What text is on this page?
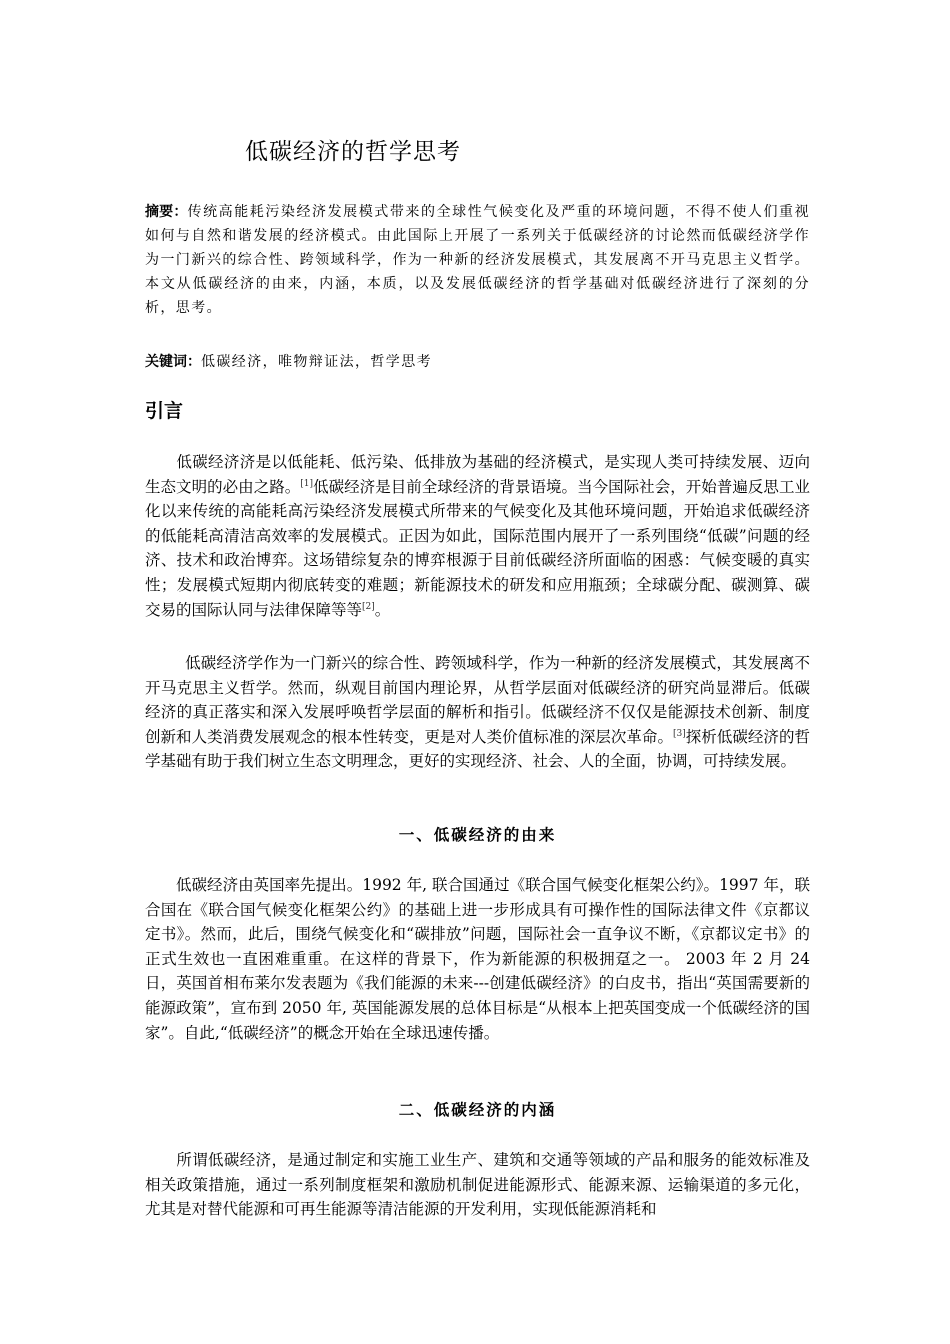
低碳经济的哲学思考
摘要：传统高能耗污染经济发展模式带来的全球性气候变化及严重的环境问题，不得不使人们重视如何与自然和谐发展的经济模式。由此国际上开展了一系列关于低碳经济的讨论然而低碳经济学作为一门新兴的综合性、跨领域科学，作为一种新的经济发展模式，其发展离不开马克思主义哲学。本文从低碳经济的由来，内涵，本质，以及发展低碳经济的哲学基础对低碳经济进行了深刻的分析，思考。
关键词：低碳经济，唯物辩证法，哲学思考
引言

低碳经济济是以低能耗、低污染、低排放为基础的经济模式，是实现人类可持续发展、迈向生态文明的必由之路。[1]低碳经济是目前全球经济的背景语境。当今国际社会，开始普遍反思工业化以来传统的高能耗高污染经济发展模式所带来的气候变化及其他环境问题，开始追求低碳经济的低能耗高清洁高效率的发展模式。正因为如此，国际范围内展开了一系列围绕“低碳”问题的经济、技术和政治博弈。这场错综复杂的博弈根源于目前低碳经济所面临的困惑：气候变暖的真实性；发展模式短期内彻底转变的难题；新能源技术的研发和应用瓶颈；全球碳分配、碳测算、碳交易的国际认同与法律保障等等[2]。

低碳经济学作为一门新兴的综合性、跨领域科学，作为一种新的经济发展模式，其发展离不开马克思主义哲学。然而，纵观目前国内理论界，从哲学层面对低碳经济的研究尚显滞后。低碳经济的真正落实和深入发展呼唤哲学层面的解析和指引。低碳经济不仅仅是能源技术创新、制度创新和人类消费发展观念的根本性转变，更是对人类价值标准的深层次革命。[3]探析低碳经济的哲学基础有助于我们树立生态文明理念，更好的实现经济、社会、人的全面，协调，可持续发展。

一、低碳经济的由来

低碳经济由英国率先提出。1992 年, 联合国通过《联合国气候变化框架公约》。1997 年，联合国在《联合国气候变化框架公约》的基础上进一步形成具有可操作性的国际法律文件《京都议定书》。然而，此后，围绕气候变化和“碳排放”问题，国际社会一直争议不断，《京都议定书》的正式生效也一直困难重重。在这样的背景下，作为新能源的积极拥趸之一。 2003 年 2 月 24 日，英国首相布莱尔发表题为《我们能源的未来---创建低碳经济》的白皮书，指出“英国需要新的能源政策”，宣布到 2050 年, 英国能源发展的总体目标是“从根本上把英国变成一个低碳经济的国家”。自此,“低碳经济”的概念开始在全球迅速传播。

二、低碳经济的内涵

所谓低碳经济，是通过制定和实施工业生产、建筑和交通等领域的产品和服务的能效标准及相关政策措施，通过一系列制度框架和激励机制促进能源形式、能源来源、运输渠道的多元化，尤其是对替代能源和可再生能源等清洁能源的开发利用，实现低能源消耗和
